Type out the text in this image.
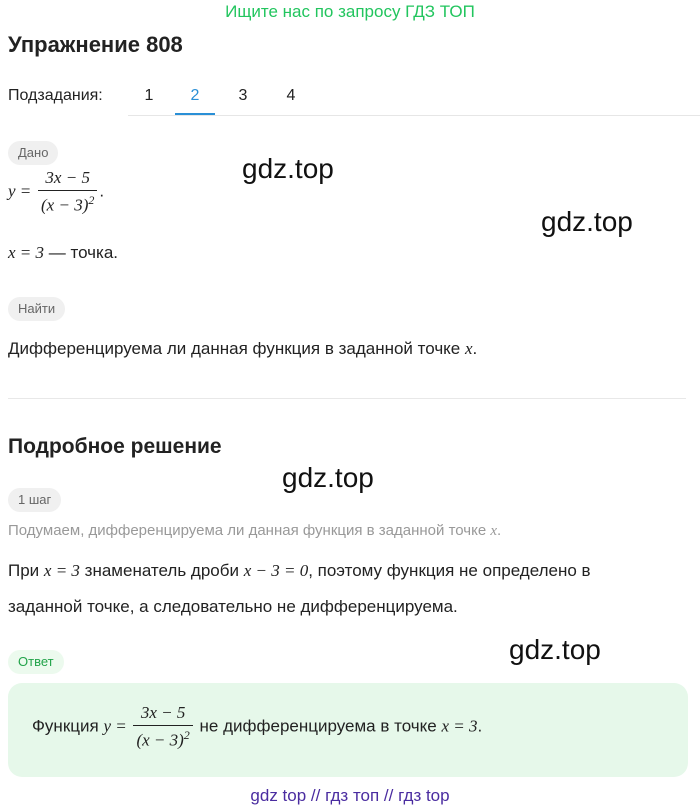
Ищите нас по запросу ГДЗ ТОП
Упражнение 808
Подзадания:	1	2	3	4
Дано
$y = \frac{3x - 5}{(x - 3)^2}$ .
x = 3 — точка.
Найти
Дифференцируема ли данная функция в заданной точке x.
Подробное решение
1 шаг
Подумаем, дифференцируема ли данная функция в заданной точке x.
При x = 3 знаменатель дроби x − 3 = 0, поэтому функция не определено в
заданной точке, а следовательно не дифференцируема.
Ответ
Функция $y = \frac{3x - 5}{(x - 3)^2}$ не дифференцируема в точке x = 3.
gdz.top
gdz.top
gdz.top
gdz.top
gdz top // гдз топ // гдз top
